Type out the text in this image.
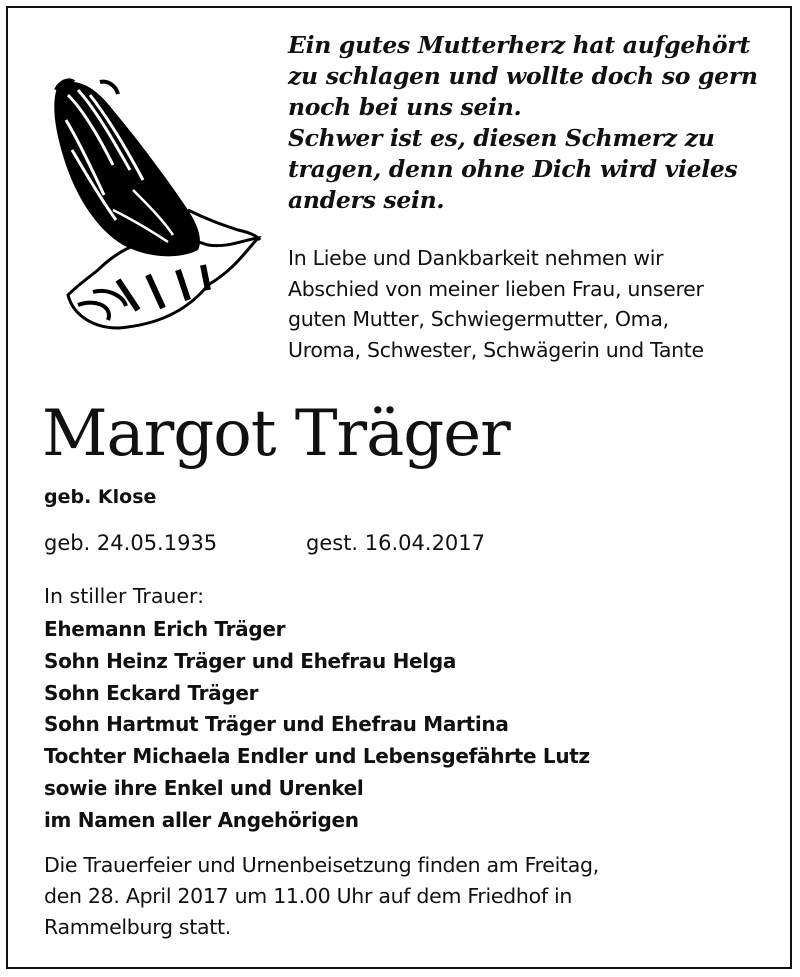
Ein gutes Mutterherz hat aufgehört
zu schlagen und wollte doch so gern
noch bei uns sein.
Schwer ist es, diesen Schmerz zu
tragen, denn ohne Dich wird vieles
anders sein.
In Liebe und Dankbarkeit nehmen wir
Abschied von meiner lieben Frau, unserer
guten Mutter, Schwiegermutter, Oma,
Uroma, Schwester, Schwägerin und Tante
Margot Träger
geb. Klose
geb. 24.05.1935	gest. 16.04.2017
In stiller Trauer:
Ehemann Erich Träger
Sohn Heinz Träger und Ehefrau Helga
Sohn Eckard Träger
Sohn Hartmut Träger und Ehefrau Martina
Tochter Michaela Endler und Lebensgefährte Lutz
sowie ihre Enkel und Urenkel
im Namen aller Angehörigen
Die Trauerfeier und Urnenbeisetzung finden am Freitag,
den 28. April 2017 um 11.00 Uhr auf dem Friedhof in
Rammelburg statt.
